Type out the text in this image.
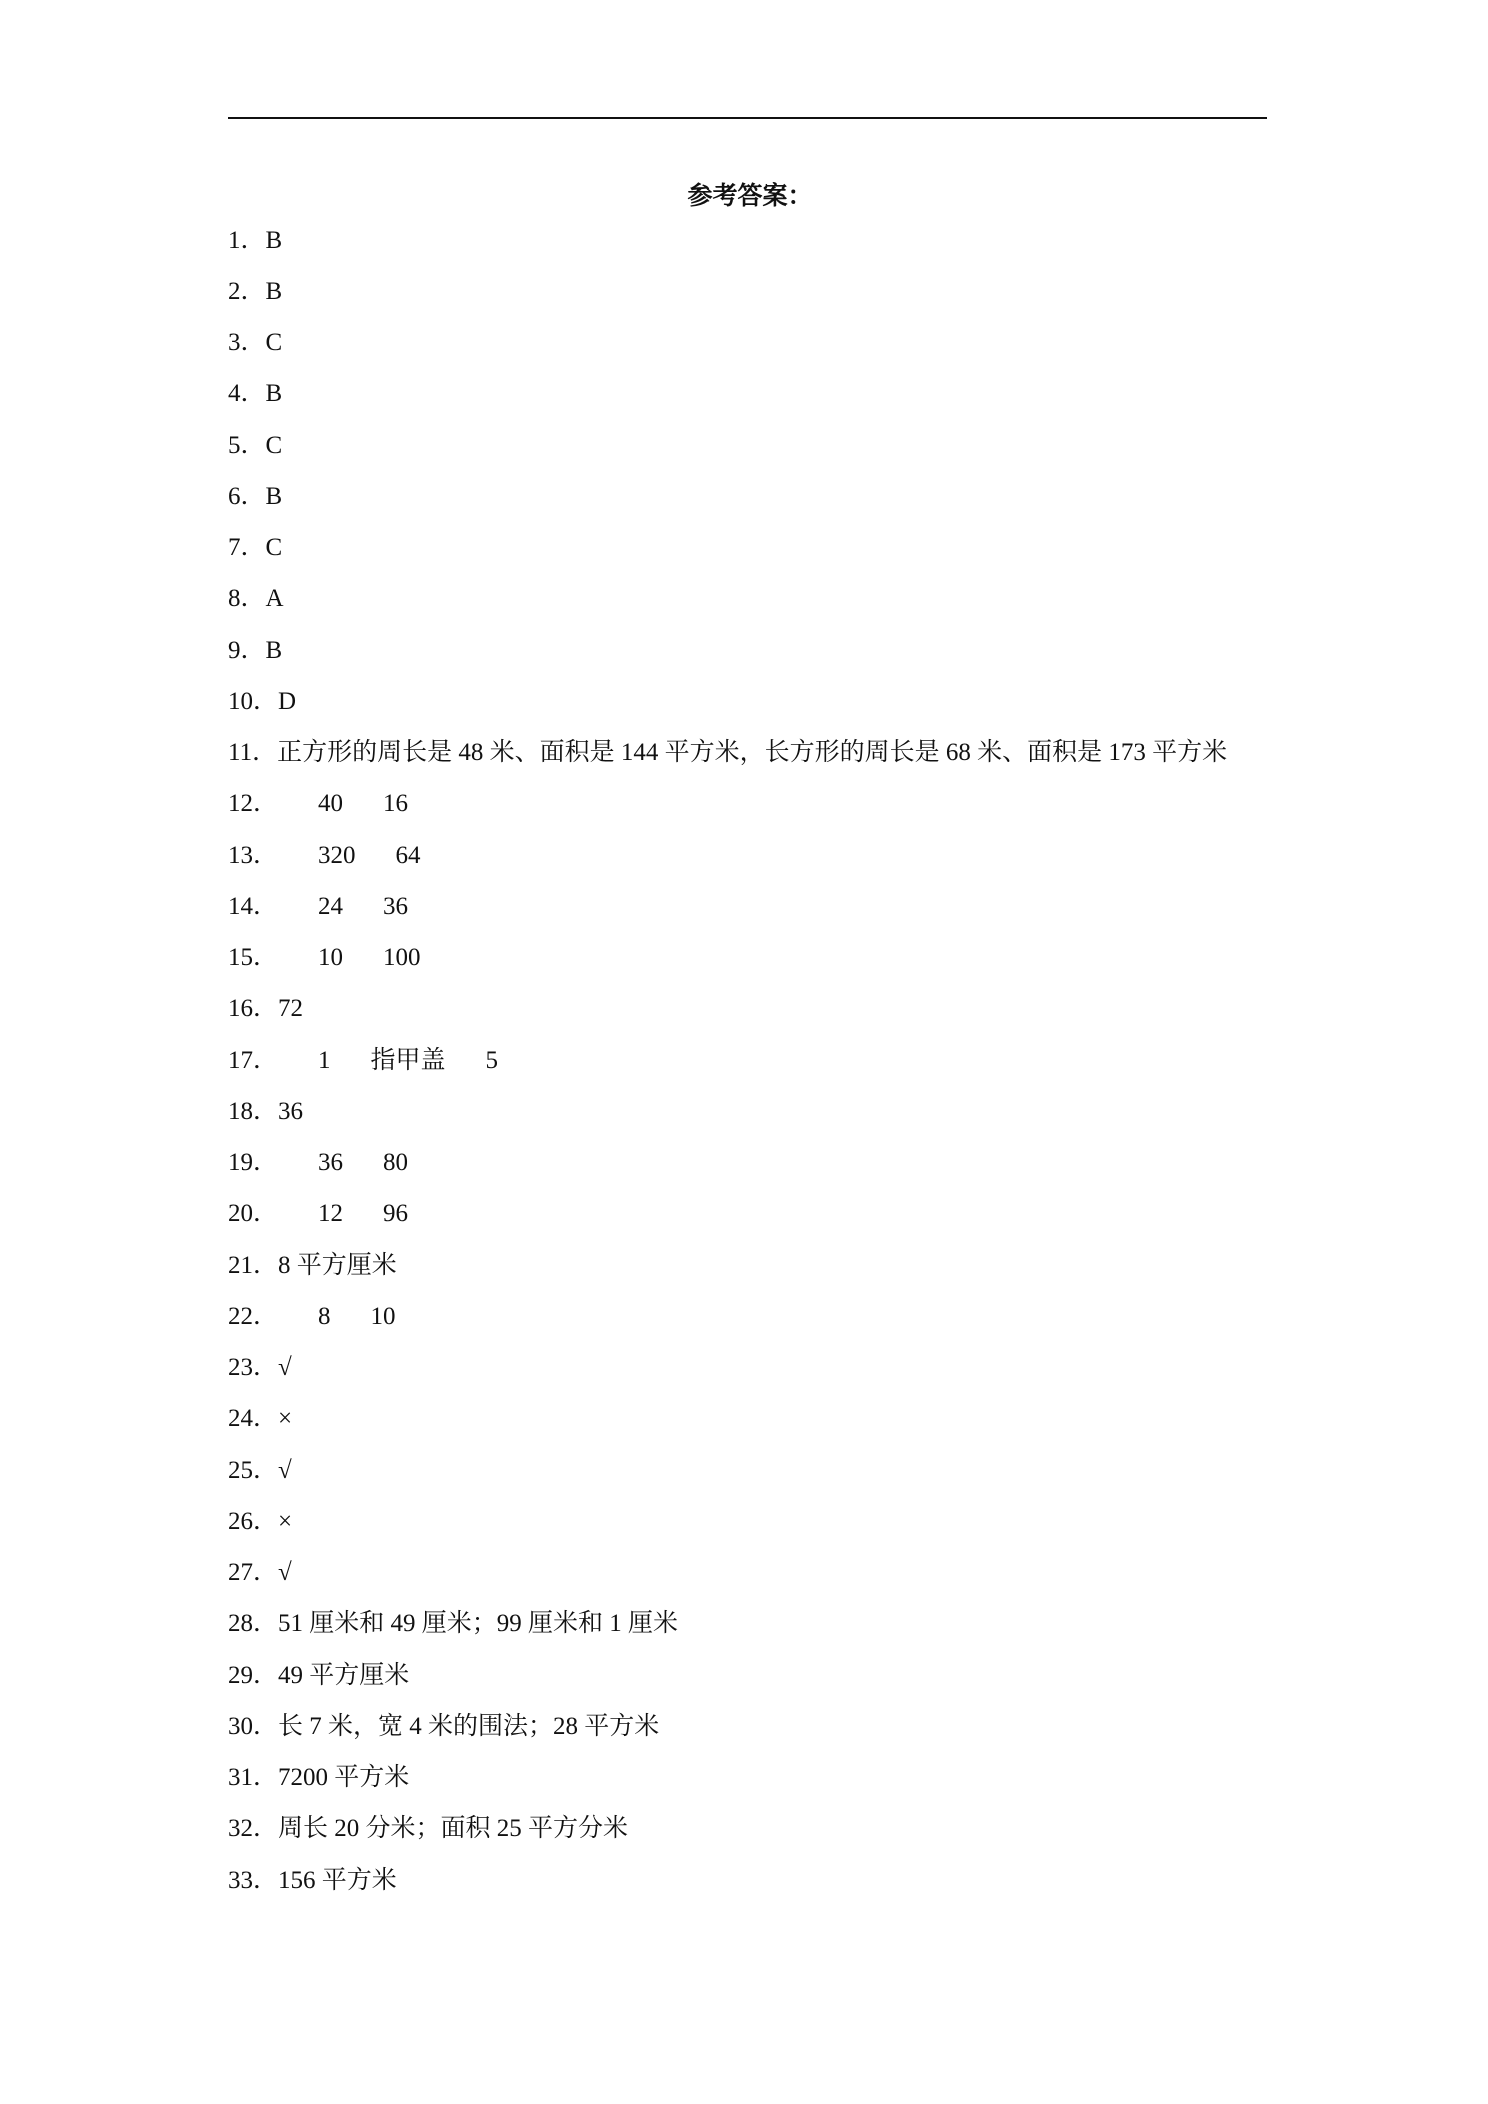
参考答案：
1． B
2． B
3． C
4． B
5． C
6． B
7． C
8． A
9． B
10． D
11． 正方形的周长是 48 米、面积是 144 平方米，长方形的周长是 68 米、面积是 173 平方米
12． 40 16
13． 320 64
14． 24 36
15． 10 100
16． 72
17． 1 指甲盖 5
18． 36
19． 36 80
20． 12 96
21． 8 平方厘米
22． 8 10
23． √
24． ×
25． √
26． ×
27． √
28． 51 厘米和 49 厘米；99 厘米和 1 厘米
29． 49 平方厘米
30． 长 7 米，宽 4 米的围法；28 平方米
31． 7200 平方米
32． 周长 20 分米；面积 25 平方分米
33． 156 平方米
